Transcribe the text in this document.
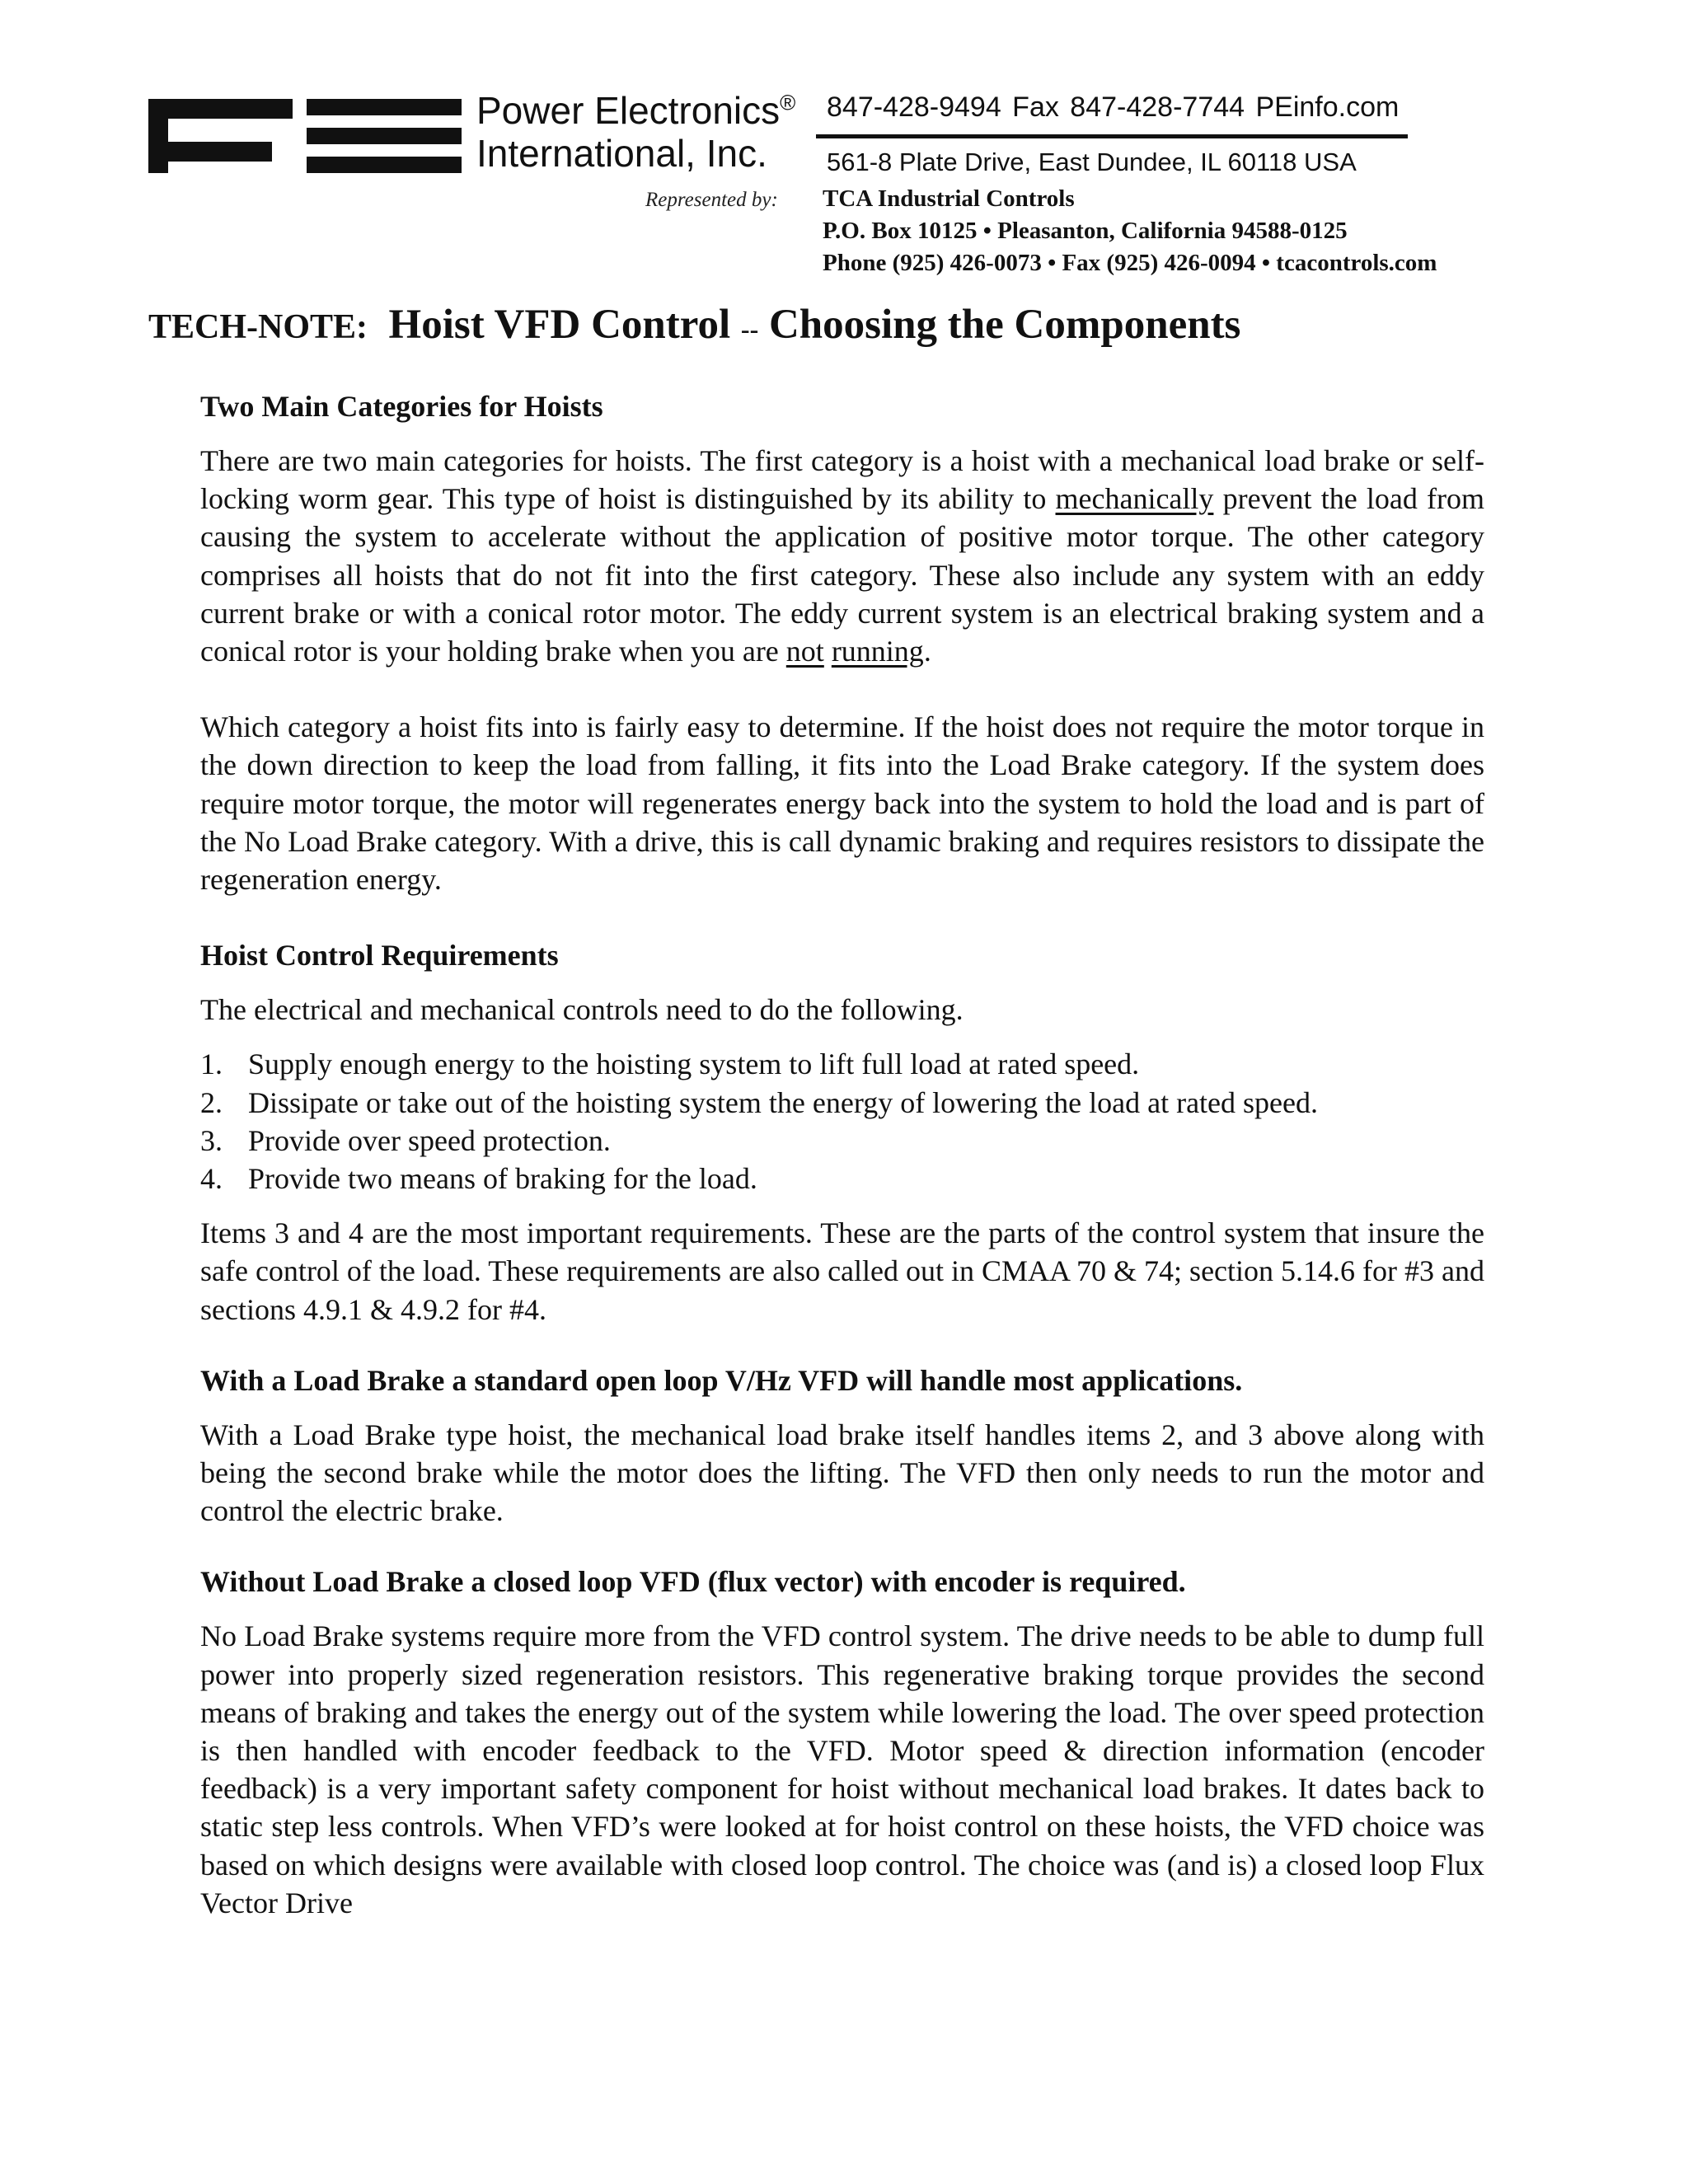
Power Electronics®
International, Inc.
847-428-9494 Fax 847-428-7744 PEinfo.com
561-8 Plate Drive, East Dundee, IL 60118 USA
Represented by: TCA Industrial Controls
P.O. Box 10125 • Pleasanton, California 94588-0125
Phone (925) 426-0073 • Fax (925) 426-0094 • tcacontrols.com
TECH-NOTE: Hoist VFD Control -- Choosing the Components
Two Main Categories for Hoists

There are two main categories for hoists. The first category is a hoist with a mechanical load brake or self-locking worm gear. This type of hoist is distinguished by its ability to mechanically prevent the load from causing the system to accelerate without the application of positive motor torque. The other category comprises all hoists that do not fit into the first category. These also include any system with an eddy current brake or with a conical rotor motor. The eddy current system is an electrical braking system and a conical rotor is your holding brake when you are not running.

Which category a hoist fits into is fairly easy to determine. If the hoist does not require the motor torque in the down direction to keep the load from falling, it fits into the Load Brake category. If the system does require motor torque, the motor will regenerates energy back into the system to hold the load and is part of the No Load Brake category. With a drive, this is call dynamic braking and requires resistors to dissipate the regeneration energy.

Hoist Control Requirements

The electrical and mechanical controls need to do the following.

1. Supply enough energy to the hoisting system to lift full load at rated speed.
2. Dissipate or take out of the hoisting system the energy of lowering the load at rated speed.
3. Provide over speed protection.
4. Provide two means of braking for the load.

Items 3 and 4 are the most important requirements. These are the parts of the control system that insure the safe control of the load. These requirements are also called out in CMAA 70 & 74; section 5.14.6 for #3 and sections 4.9.1 & 4.9.2 for #4.

With a Load Brake a standard open loop V/Hz VFD will handle most applications.

With a Load Brake type hoist, the mechanical load brake itself handles items 2, and 3 above along with being the second brake while the motor does the lifting. The VFD then only needs to run the motor and control the electric brake.

Without Load Brake a closed loop VFD (flux vector) with encoder is required.

No Load Brake systems require more from the VFD control system. The drive needs to be able to dump full power into properly sized regeneration resistors. This regenerative braking torque provides the second means of braking and takes the energy out of the system while lowering the load. The over speed protection is then handled with encoder feedback to the VFD. Motor speed & direction information (encoder feedback) is a very important safety component for hoist without mechanical load brakes. It dates back to static step less controls. When VFD’s were looked at for hoist control on these hoists, the VFD choice was based on which designs were available with closed loop control. The choice was (and is) a closed loop Flux Vector Drive
